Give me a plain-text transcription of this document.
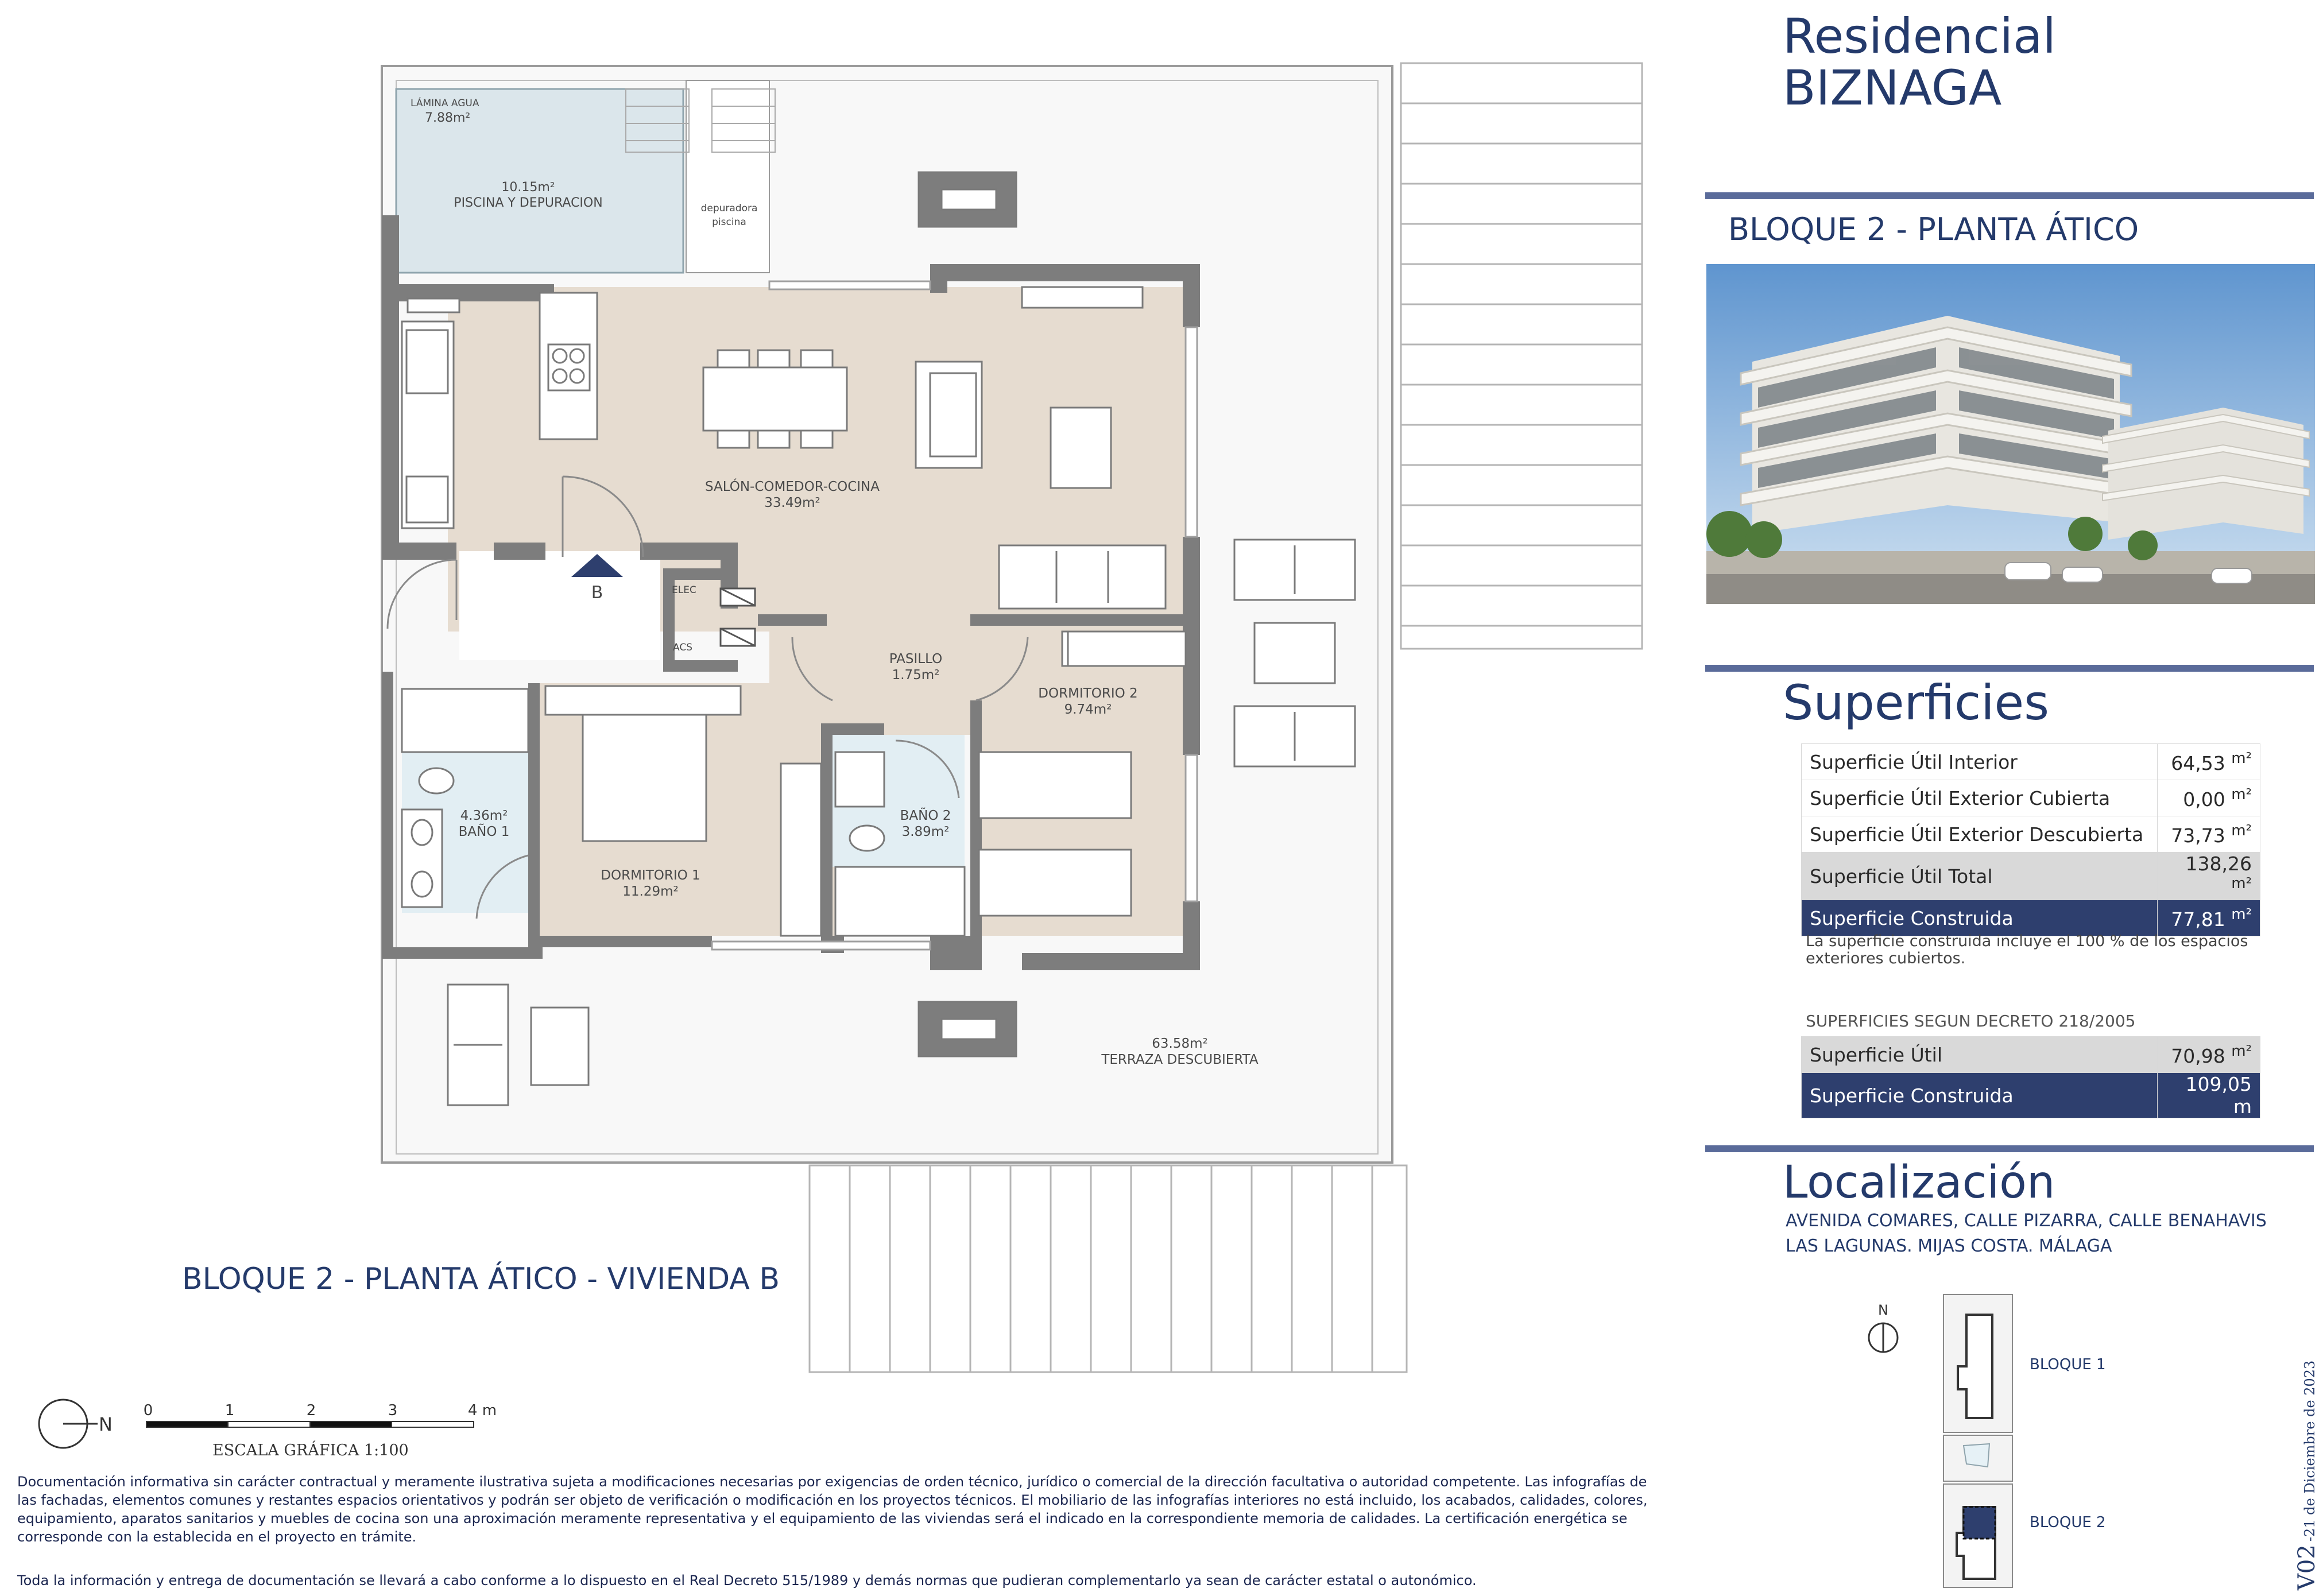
LÁMINA AGUA
7.88m²
10.15m²
PISCINA Y DEPURACION	depuradora
piscina
SALÓN-COMEDOR-COCINA
33.49m²
B	ELEC
ACS
PASILLO
1.75m²
DORMITORIO 2
9.74m²
4.36m²
BAÑO 1
BAÑO 2
3.89m²
DORMITORIO 1
11.29m²
63.58m²
TERRAZA DESCUBIERTA
BLOQUE 2 - PLANTA ÁTICO - VIVIENDA B
N
0	1	2	3	4 m
ESCALA GRÁFICA 1:100
Residencial
BIZNAGA
BLOQUE 2 - PLANTA ÁTICO
Superficies
Superficie Útil Interior	64,53 $^{m^2}$
Superficie Útil Exterior Cubierta	0,00 $^{m^2}$
Superficie Útil Exterior Descubierta	73,73 $^{m^2}$
Superficie Útil Total	138,26 $^{m^2}$
Superficie Construida	77,81 $^{m^2}$
La superficie construida incluye el 100 % de los espacios exteriores cubiertos.
SUPERFICIES SEGUN DECRETO 218/2005
Superficie Útil	70,98 $^{m^2}$
Superficie Construida	109,05 m
Localización
AVENIDA COMARES, CALLE PIZARRA, CALLE BENAHAVIS
LAS LAGUNAS. MIJAS COSTA. MÁLAGA
N
BLOQUE 1
BLOQUE 2
V02 -21 de Diciembre de 2023
Documentación informativa sin carácter contractual y meramente ilustrativa sujeta a modificaciones necesarias por exigencias de orden técnico, jurídico o comercial de la dirección facultativa o autoridad competente. Las infografías de las fachadas, elementos comunes y restantes espacios orientativos y podrán ser objeto de verificación o modificación en los proyectos técnicos. El mobiliario de las infografías interiores no está incluido, los acabados, calidades, colores, equipamiento, aparatos sanitarios y muebles de cocina son una aproximación meramente representativa y el equipamiento de las viviendas será el indicado en la correspondiente memoria de calidades. La certificación energética se corresponde con la establecida en el proyecto en trámite.
Toda la información y entrega de documentación se llevará a cabo conforme a lo dispuesto en el Real Decreto 515/1989 y demás normas que pudieran complementarlo ya sean de carácter estatal o autonómico.
